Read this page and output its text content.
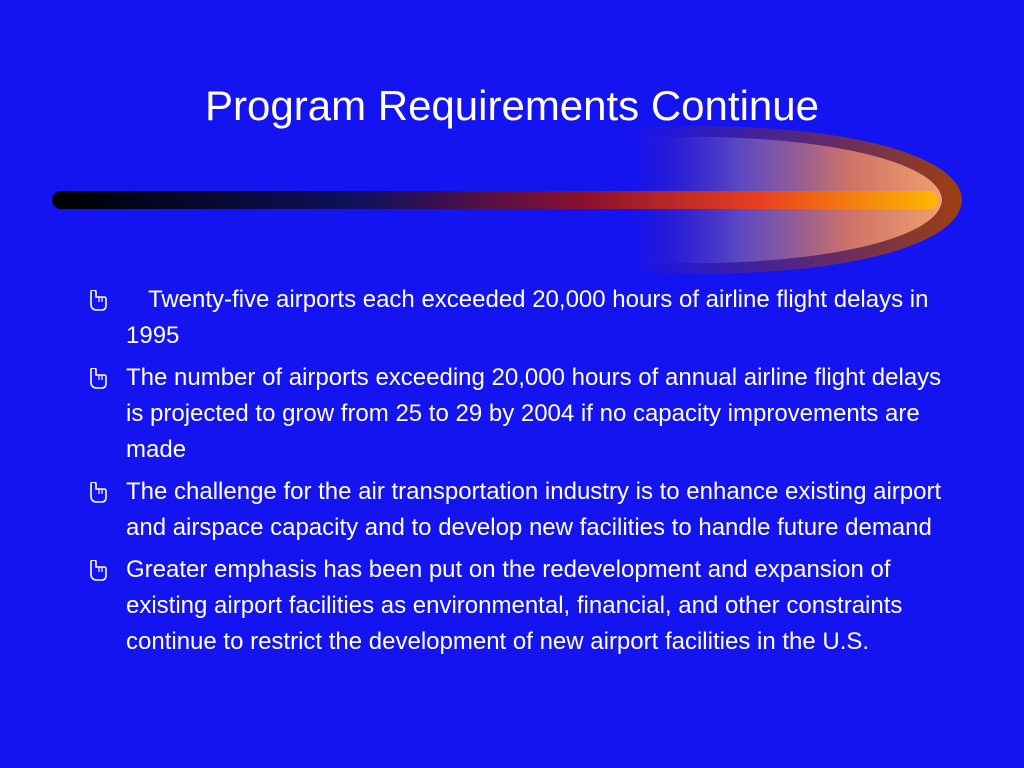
Program Requirements Continue
Twenty-five airports each exceeded 20,000 hours of airline flight delays in 1995
The number of airports exceeding 20,000 hours of annual airline flight delays is projected to grow from 25 to 29 by 2004 if no capacity improvements are made
The challenge for the air transportation industry is to enhance existing airport and airspace capacity and to develop new facilities to handle future demand
Greater emphasis has been put on the redevelopment and expansion of existing airport facilities as environmental, financial, and other constraints continue to restrict the development of new airport facilities in the U.S.
